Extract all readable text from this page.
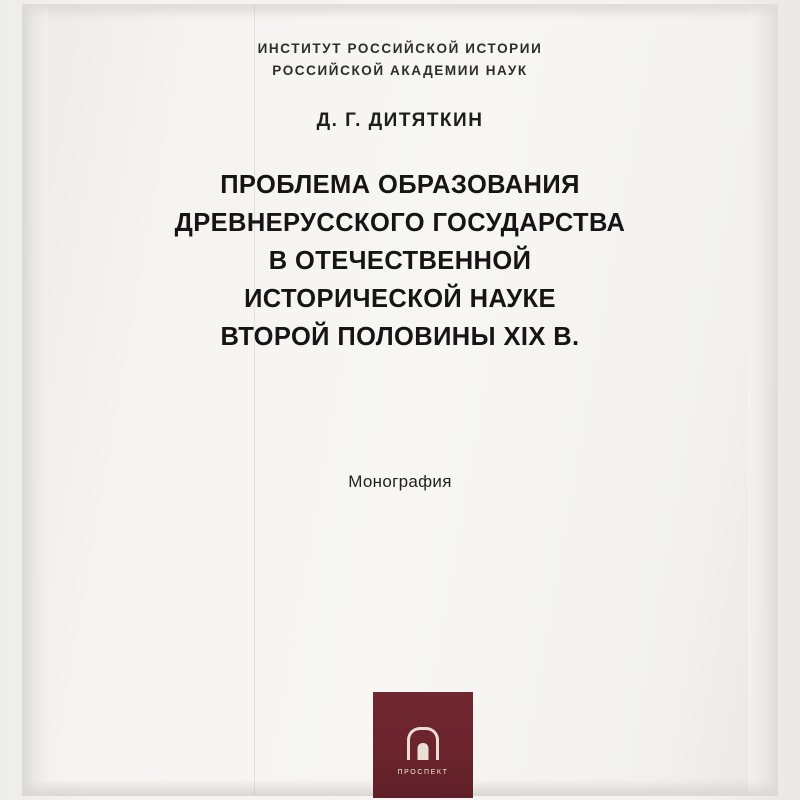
ИНСТИТУТ РОССИЙСКОЙ ИСТОРИИ
РОССИЙСКОЙ АКАДЕМИИ НАУК
Д. Г. ДИТЯТКИН
ПРОБЛЕМА ОБРАЗОВАНИЯ
ДРЕВНЕРУССКОГО ГОСУДАРСТВА
В ОТЕЧЕСТВЕННОЙ
ИСТОРИЧЕСКОЙ НАУКЕ
ВТОРОЙ ПОЛОВИНЫ XIX В.
Монография
ПРОСПЕКТ
